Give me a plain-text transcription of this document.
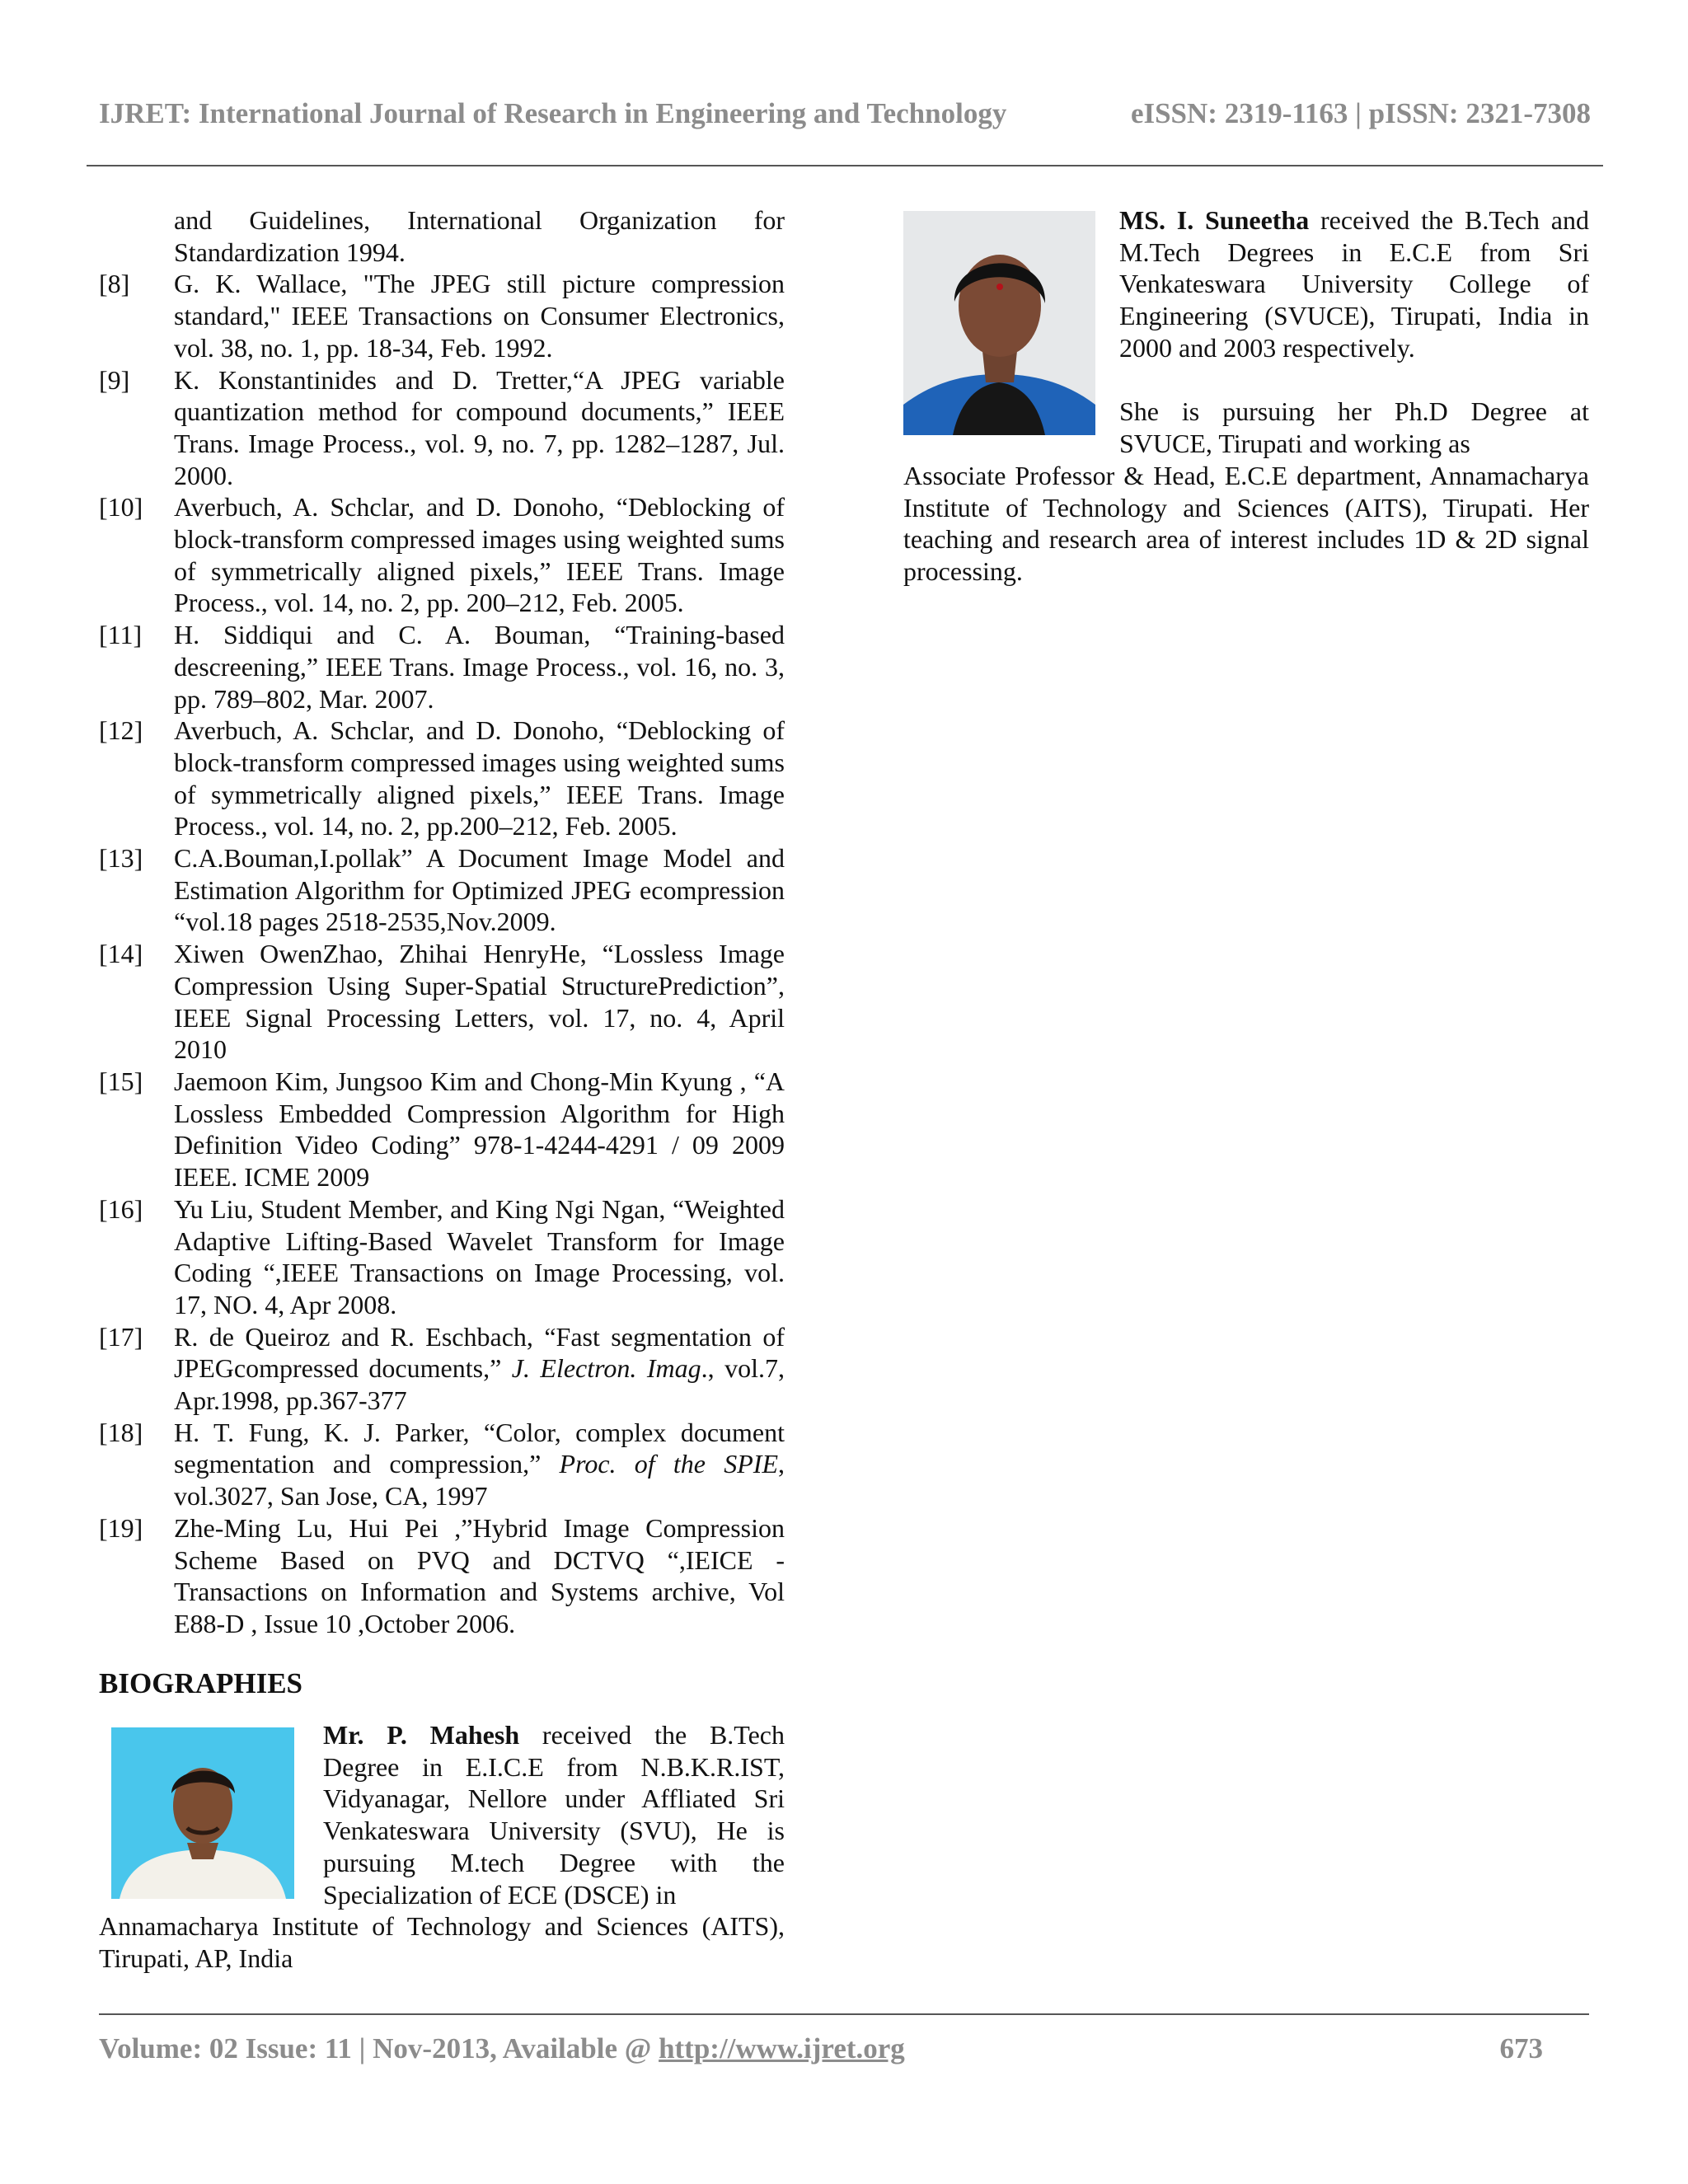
IJRET: International Journal of Research in Engineering and Technology	eISSN: 2319-1163 | pISSN: 2321-7308
and Guidelines, International Organization for Standardization 1994.
[8]	G. K. Wallace, "The JPEG still picture compression standard," IEEE Transactions on Consumer Electronics, vol. 38, no. 1, pp. 18-34, Feb. 1992.
[9]	K. Konstantinides and D. Tretter,“A JPEG variable quantization method for compound documents,” IEEE Trans. Image Process., vol. 9, no. 7, pp. 1282–1287, Jul. 2000.
[10]	Averbuch, A. Schclar, and D. Donoho, “Deblocking of block-transform compressed images using weighted sums of symmetrically aligned pixels,” IEEE Trans. Image Process., vol. 14, no. 2, pp. 200–212, Feb. 2005.
[11]	H. Siddiqui and C. A. Bouman, “Training-based descreening,” IEEE Trans. Image Process., vol. 16, no. 3, pp. 789–802, Mar. 2007.
[12]	Averbuch, A. Schclar, and D. Donoho, “Deblocking of block-transform compressed images using weighted sums of symmetrically aligned pixels,” IEEE Trans. Image Process., vol. 14, no. 2, pp.200–212, Feb. 2005.
[13]	C.A.Bouman,I.pollak” A Document Image Model and Estimation Algorithm for Optimized JPEG ecompression “vol.18 pages 2518-2535,Nov.2009.
[14]	Xiwen OwenZhao, Zhihai HenryHe, “Lossless Image Compression Using Super-Spatial StructurePrediction”, IEEE Signal Processing Letters, vol. 17, no. 4, April 2010
[15]	Jaemoon Kim, Jungsoo Kim and Chong-Min Kyung , “A Lossless Embedded Compression Algorithm for High Definition Video Coding” 978-1-4244-4291 / 09 2009 IEEE. ICME 2009
[16]	Yu Liu, Student Member, and King Ngi Ngan, “Weighted Adaptive Lifting-Based Wavelet Transform for Image Coding “,IEEE Transactions on Image Processing, vol. 17, NO. 4, Apr 2008.
[17]	R. de Queiroz and R. Eschbach, “Fast segmentation of JPEGcompressed documents,” J. Electron. Imag., vol.7, Apr.1998, pp.367-377
[18]	H. T. Fung, K. J. Parker, “Color, complex document segmentation and compression,” Proc. of the SPIE, vol.3027, San Jose, CA, 1997
[19]	Zhe-Ming Lu, Hui Pei ,”Hybrid Image Compression Scheme Based on PVQ and DCTVQ “,IEICE - Transactions on Information and Systems archive, Vol E88-D , Issue 10 ,October 2006.
BIOGRAPHIES
Mr. P. Mahesh received the B.Tech Degree in E.I.C.E from N.B.K.R.IST, Vidyanagar, Nellore under Affliated Sri Venkateswara University (SVU), He is pursuing M.tech Degree with the Specialization of ECE (DSCE) in
Annamacharya Institute of Technology and Sciences (AITS), Tirupati, AP, India
MS. I. Suneetha received the B.Tech and M.Tech Degrees in E.C.E from Sri Venkateswara University College of Engineering (SVUCE), Tirupati, India in 2000 and 2003 respectively.
She is pursuing her Ph.D Degree at SVUCE, Tirupati and working as
Associate Professor & Head, E.C.E department, Annamacharya Institute of Technology and Sciences (AITS), Tirupati. Her teaching and research area of interest includes 1D & 2D signal processing.
Volume: 02 Issue: 11 | Nov-2013, Available @ http://www.ijret.org	673
